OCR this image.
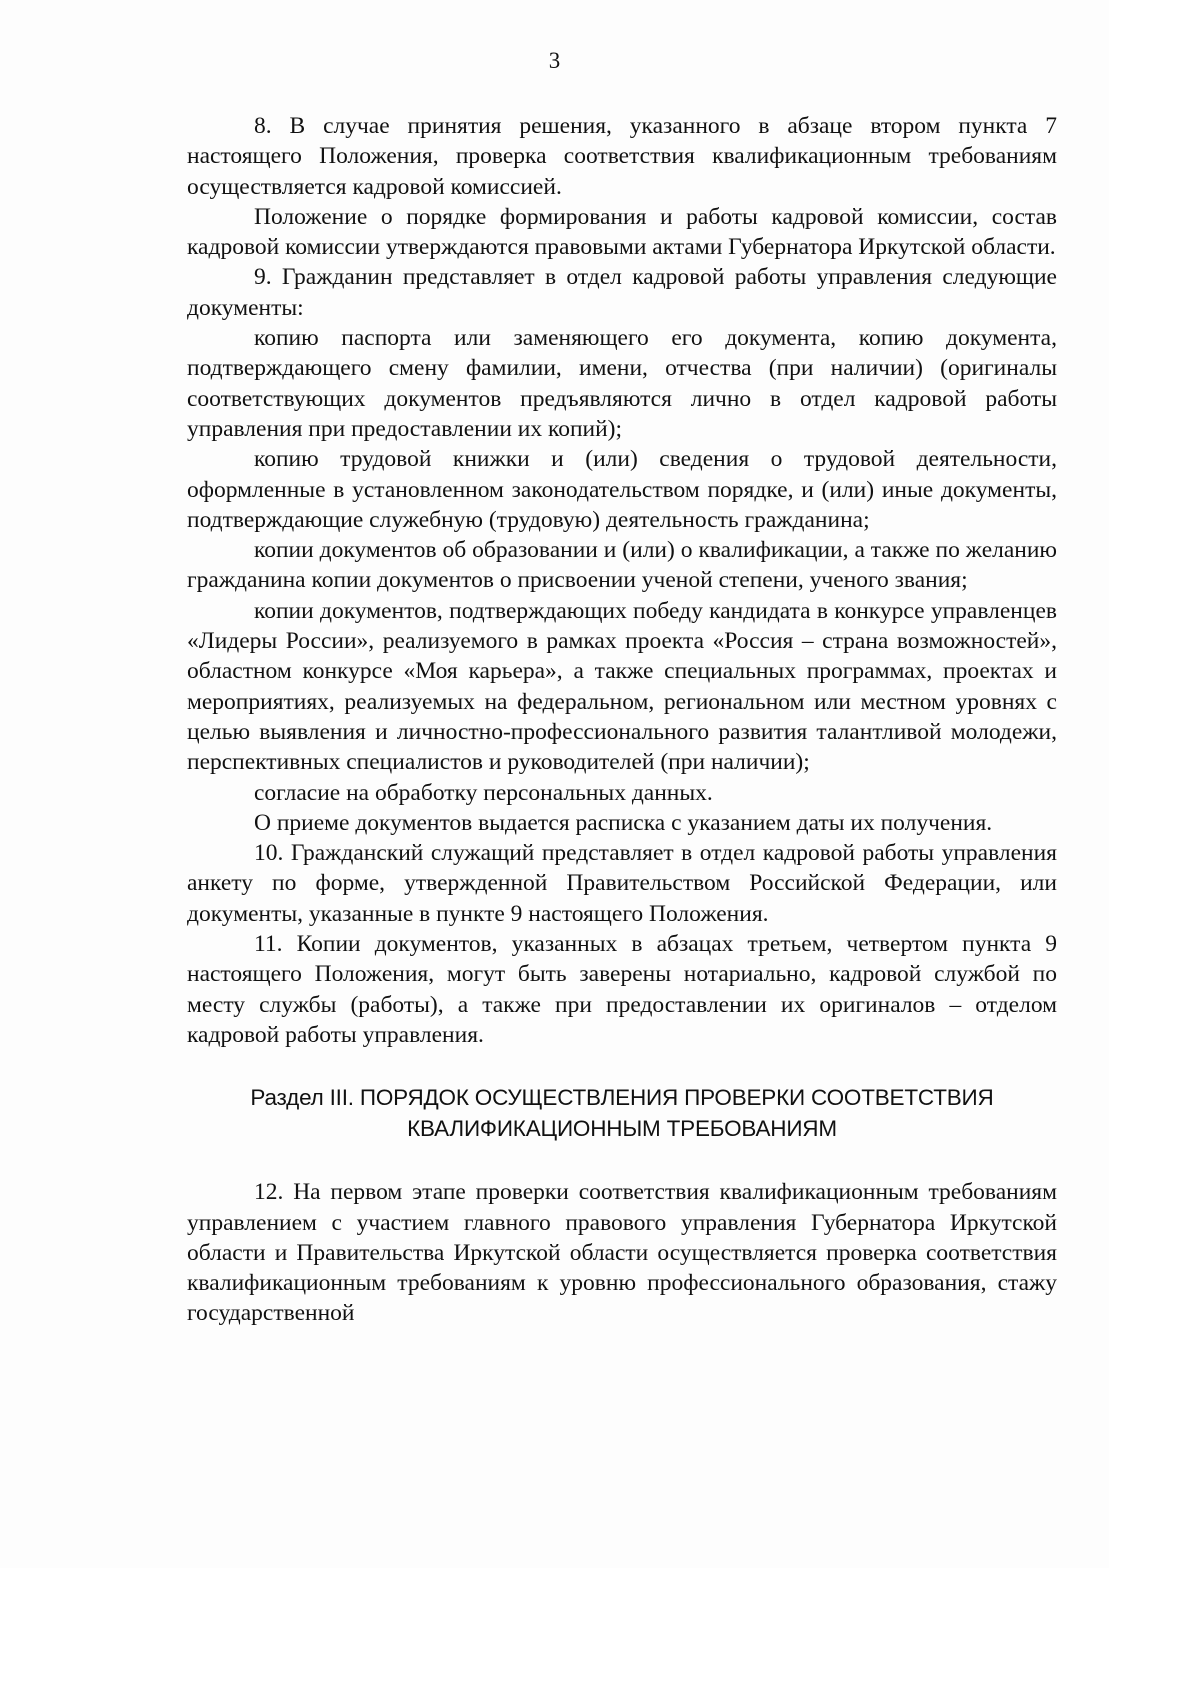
3

8. В случае принятия решения, указанного в абзаце втором пункта 7 настоящего Положения, проверка соответствия квалификационным требованиям осуществляется кадровой комиссией.

Положение о порядке формирования и работы кадровой комиссии, состав кадровой комиссии утверждаются правовыми актами Губернатора Иркутской области.

9. Гражданин представляет в отдел кадровой работы управления следующие документы:

копию паспорта или заменяющего его документа, копию документа, подтверждающего смену фамилии, имени, отчества (при наличии) (оригиналы соответствующих документов предъявляются лично в отдел кадровой работы управления при предоставлении их копий);

копию трудовой книжки и (или) сведения о трудовой деятельности, оформленные в установленном законодательством порядке, и (или) иные документы, подтверждающие служебную (трудовую) деятельность гражданина;

копии документов об образовании и (или) о квалификации, а также по желанию гражданина копии документов о присвоении ученой степени, ученого звания;

копии документов, подтверждающих победу кандидата в конкурсе управленцев «Лидеры России», реализуемого в рамках проекта «Россия – страна возможностей», областном конкурсе «Моя карьера», а также специальных программах, проектах и мероприятиях, реализуемых на федеральном, региональном или местном уровнях с целью выявления и личностно-профессионального развития талантливой молодежи, перспективных специалистов и руководителей (при наличии);

согласие на обработку персональных данных.

О приеме документов выдается расписка с указанием даты их получения.

10. Гражданский служащий представляет в отдел кадровой работы управления анкету по форме, утвержденной Правительством Российской Федерации, или документы, указанные в пункте 9 настоящего Положения.

11. Копии документов, указанных в абзацах третьем, четвертом пункта 9 настоящего Положения, могут быть заверены нотариально, кадровой службой по месту службы (работы), а также при предоставлении их оригиналов – отделом кадровой работы управления.

Раздел III. ПОРЯДОК ОСУЩЕСТВЛЕНИЯ ПРОВЕРКИ СООТВЕТСТВИЯ
КВАЛИФИКАЦИОННЫМ ТРЕБОВАНИЯМ

12. На первом этапе проверки соответствия квалификационным требованиям управлением с участием главного правового управления Губернатора Иркутской области и Правительства Иркутской области осуществляется проверка соответствия квалификационным требованиям к уровню профессионального образования, стажу государственной
